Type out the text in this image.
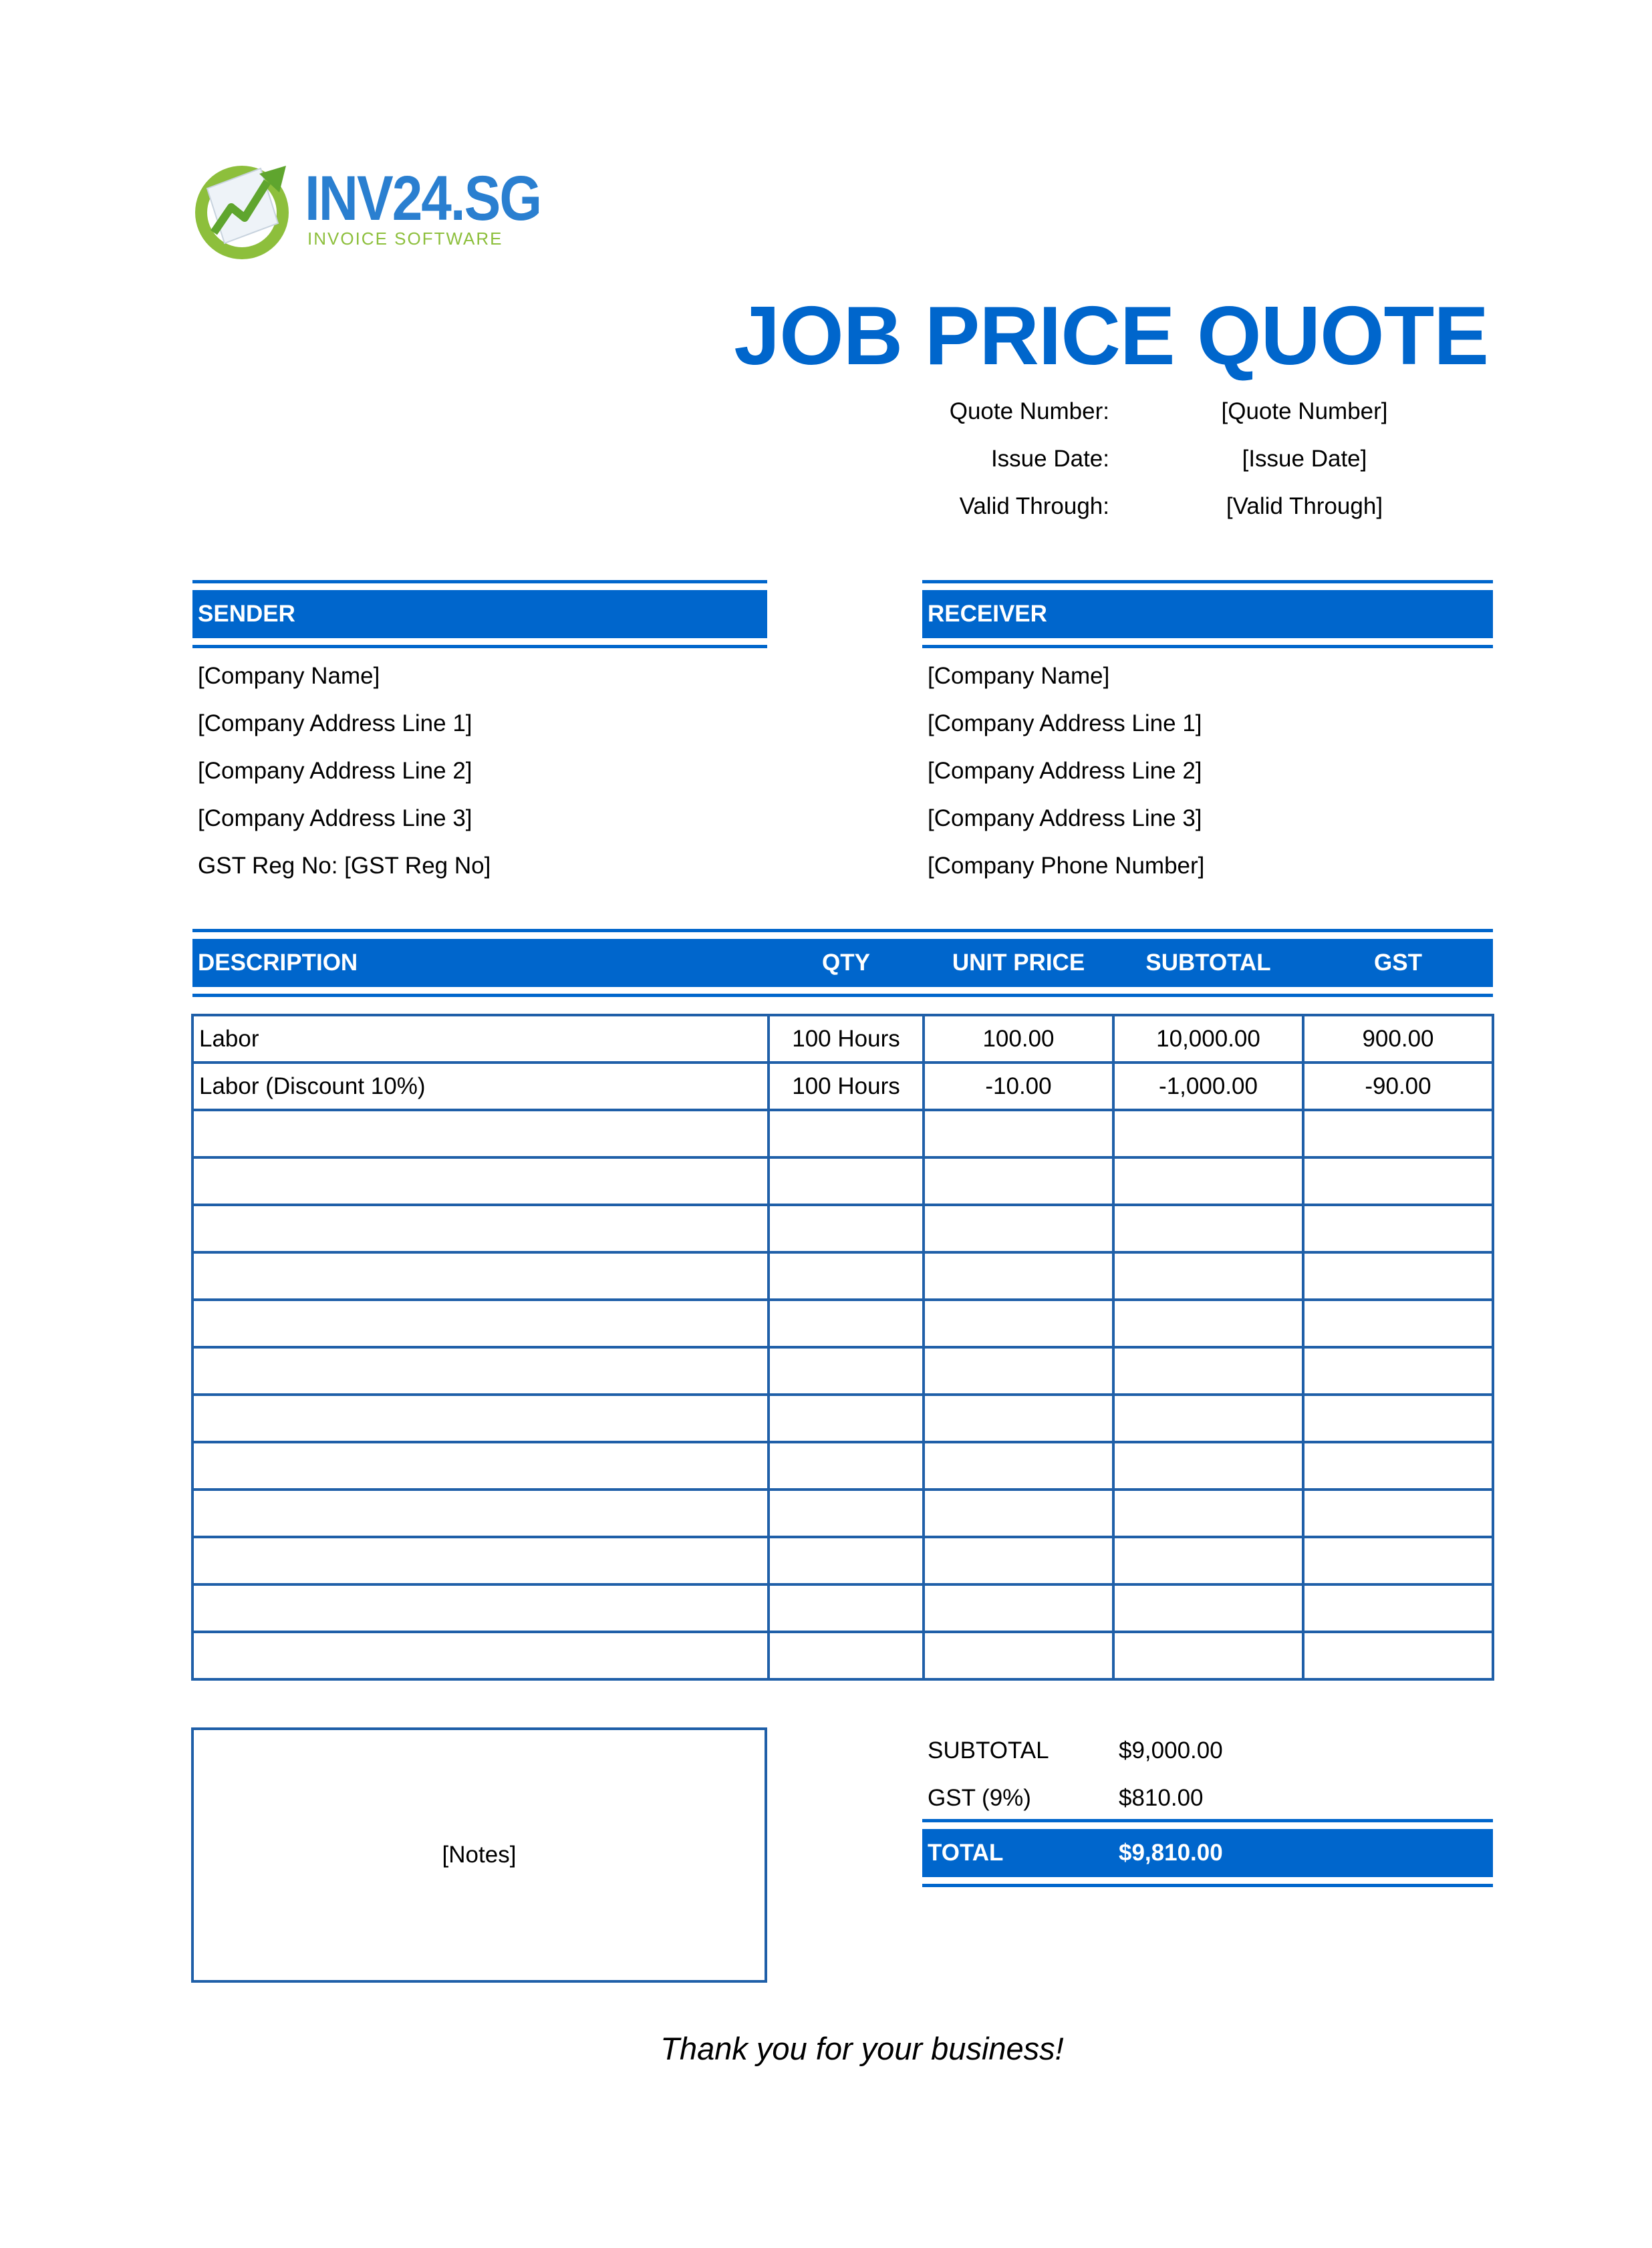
INV24.SG
INVOICE SOFTWARE
JOB PRICE QUOTE
Quote Number:	[Quote Number]
Issue Date:	[Issue Date]
Valid Through:	[Valid Through]
SENDER
[Company Name]
[Company Address Line 1]
[Company Address Line 2]
[Company Address Line 3]
GST Reg No: [GST Reg No]
RECEIVER
[Company Name]
[Company Address Line 1]
[Company Address Line 2]
[Company Address Line 3]
[Company Phone Number]
DESCRIPTION	QTY	UNIT PRICE	SUBTOTAL	GST
Labor	100 Hours	100.00	10,000.00	900.00
Labor (Discount 10%)	100 Hours	-10.00	-1,000.00	-90.00

[Notes]
SUBTOTAL	$9,000.00
GST (9%)	$810.00
TOTAL	$9,810.00
Thank you for your business!
